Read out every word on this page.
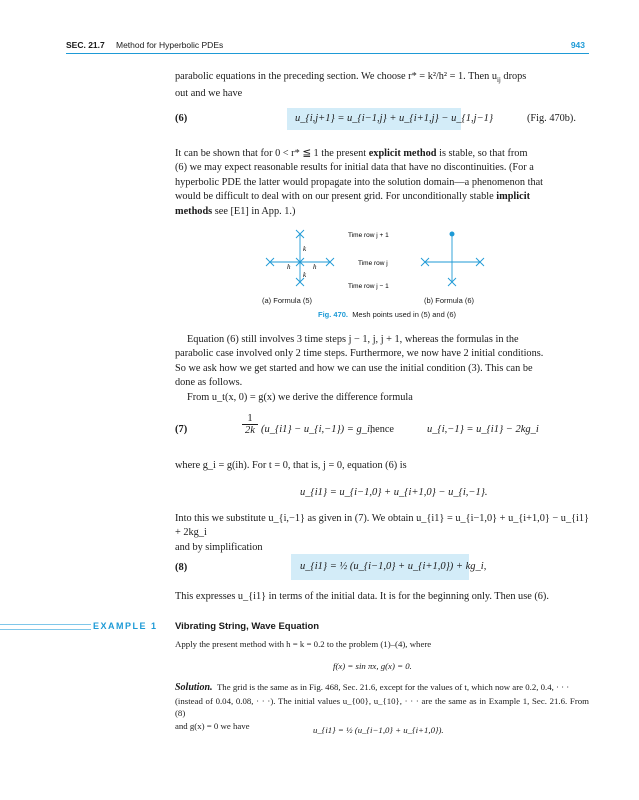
SEC. 21.7 Method for Hyperbolic PDEs	943
parabolic equations in the preceding section. We choose r* = k²/h² = 1. Then $u_{ij}$ drops
out and we have
(6)	u_{i,j+1} = u_{i−1,j} + u_{i+1,j} − u_{1,j−1}	(Fig. 470b).
It can be shown that for 0 < r* ≦ 1 the present explicit method is stable, so that from
(6) we may expect reasonable results for initial data that have no discontinuities. (For a
hyperbolic PDE the latter would propagate into the solution domain—a phenomenon that
would be difficult to deal with on our present grid. For unconditionally stable implicit
methods see [E1] in App. 1.)
h	h
k
k
Time row j + 1
Time row j
Time row j − 1
(a) Formula (5)	(b) Formula (6)
Fig. 470. Mesh points used in (5) and (6)
Equation (6) still involves 3 time steps j − 1, j, j + 1, whereas the formulas in the
parabolic case involved only 2 time steps. Furthermore, we now have 2 initial conditions.
So we ask how we get started and how we can use the initial condition (3). This can be
done as follows.
From u_t(x, 0) = g(x) we derive the difference formula
(7)
1
2k (u_{i1} − u_{i,−1}) = g_i,
hence	u_{i,−1} = u_{i1} − 2kg_i
where g_i = g(ih). For t = 0, that is, j = 0, equation (6) is
u_{i1} = u_{i−1,0} + u_{i+1,0} − u_{i,−1}.
Into this we substitute u_{i,−1} as given in (7). We obtain u_{i1} = u_{i−1,0} + u_{i+1,0} − u_{i1} + 2kg_i
and by simplification
(8)	u_{i1} = ½ (u_{i−1,0} + u_{i+1,0}) + kg_i,
This expresses u_{i1} in terms of the initial data. It is for the beginning only. Then use (6).
EXAMPLE 1 Vibrating String, Wave Equation
Apply the present method with h = k = 0.2 to the problem (1)–(4), where
f(x) = sin πx, g(x) = 0.
Solution. The grid is the same as in Fig. 468, Sec. 21.6, except for the values of t, which now are 0.2, 0.4, · · ·
(instead of 0.04, 0.08, · · ·). The initial values u_{00}, u_{10}, · · · are the same as in Example 1, Sec. 21.6. From (8)
and g(x) = 0 we have	u_{i1} = ½ (u_{i−1,0} + u_{i+1,0}).
